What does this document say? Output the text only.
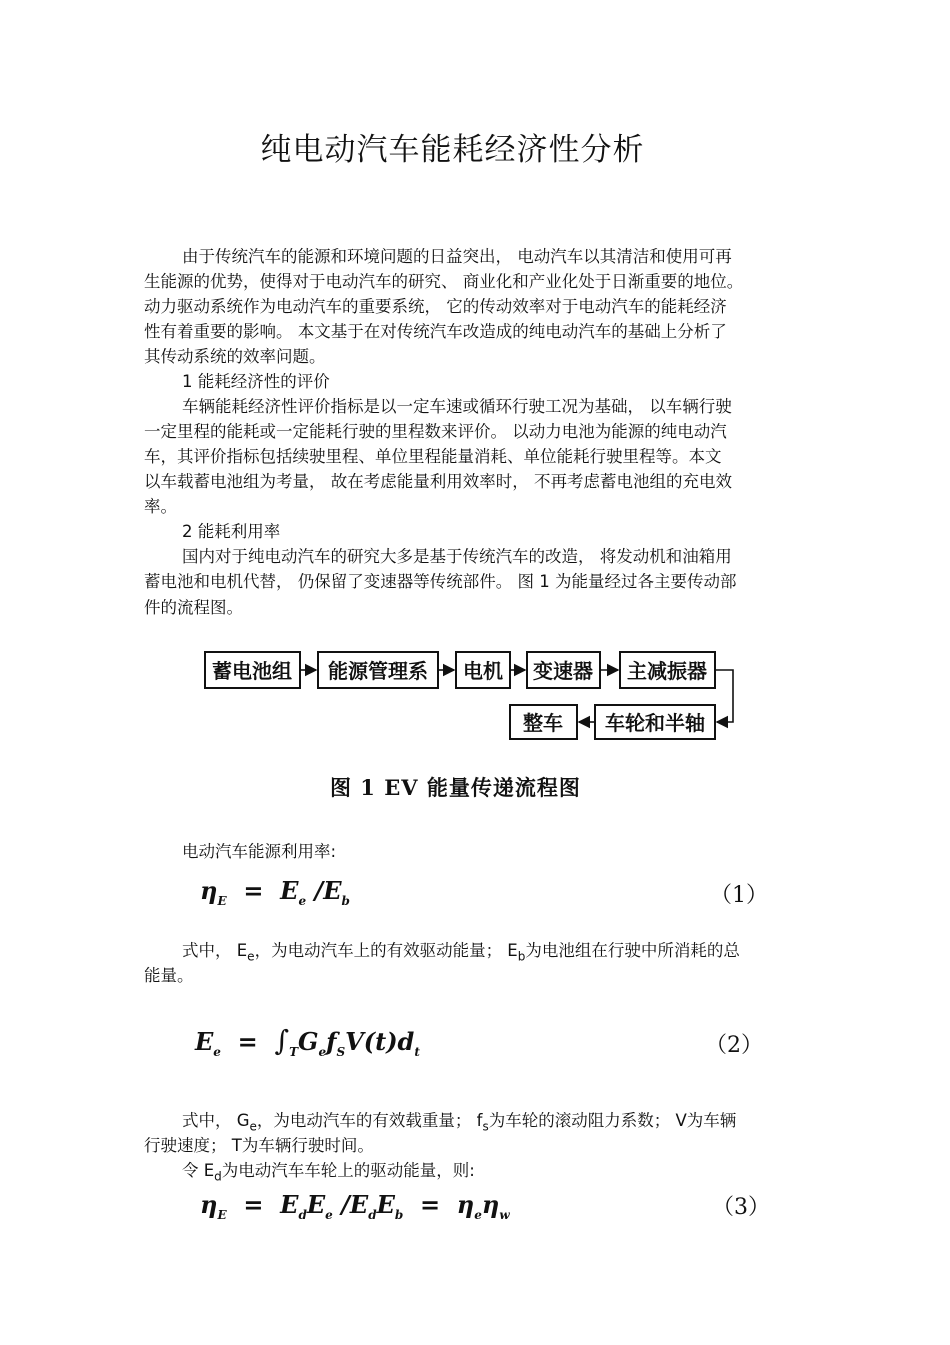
纯电动汽车能耗经济性分析
由于传统汽车的能源和环境问题的日益突出， 电动汽车以其清洁和使用可再
生能源的优势，使得对于电动汽车的研究、 商业化和产业化处于日渐重要的地位。
动力驱动系统作为电动汽车的重要系统， 它的传动效率对于电动汽车的能耗经济
性有着重要的影响。 本文基于在对传统汽车改造成的纯电动汽车的基础上分析了
其传动系统的效率问题。
1 能耗经济性的评价
车辆能耗经济性评价指标是以一定车速或循环行驶工况为基础， 以车辆行驶
一定里程的能耗或一定能耗行驶的里程数来评价。 以动力电池为能源的纯电动汽
车，其评价指标包括续驶里程、单位里程能量消耗、单位能耗行驶里程等。本文
以车载蓄电池组为考量， 故在考虑能量利用效率时， 不再考虑蓄电池组的充电效
率。
2 能耗利用率
国内对于纯电动汽车的研究大多是基于传统汽车的改造， 将发动机和油箱用
蓄电池和电机代替， 仍保留了变速器等传统部件。 图 1 为能量经过各主要传动部
件的流程图。
蓄电池组 能源管理系 电机 变速器 主减振器
车轮和半轴
整车
图 1 EV 能量传递流程图
电动汽车能源利用率:
$\eta_E = E_e$ $/E_b$	（1）
式中， $E_e$，为电动汽车上的有效驱动能量； $E_b$为电池组在行驶中所消耗的总
能量。
$E_e = \int_TG_ef_SV(t)d_t$	（2）
式中， $G_e$，为电动汽车的有效载重量； $f_s$为车轮的滚动阻力系数； V为车辆
行驶速度； T为车辆行驶时间。
令 $E_d$为电动汽车车轮上的驱动能量，则:
$\eta_E = E_dE_e$ $/E_dE_b = \eta_e\eta_w$	（3）
